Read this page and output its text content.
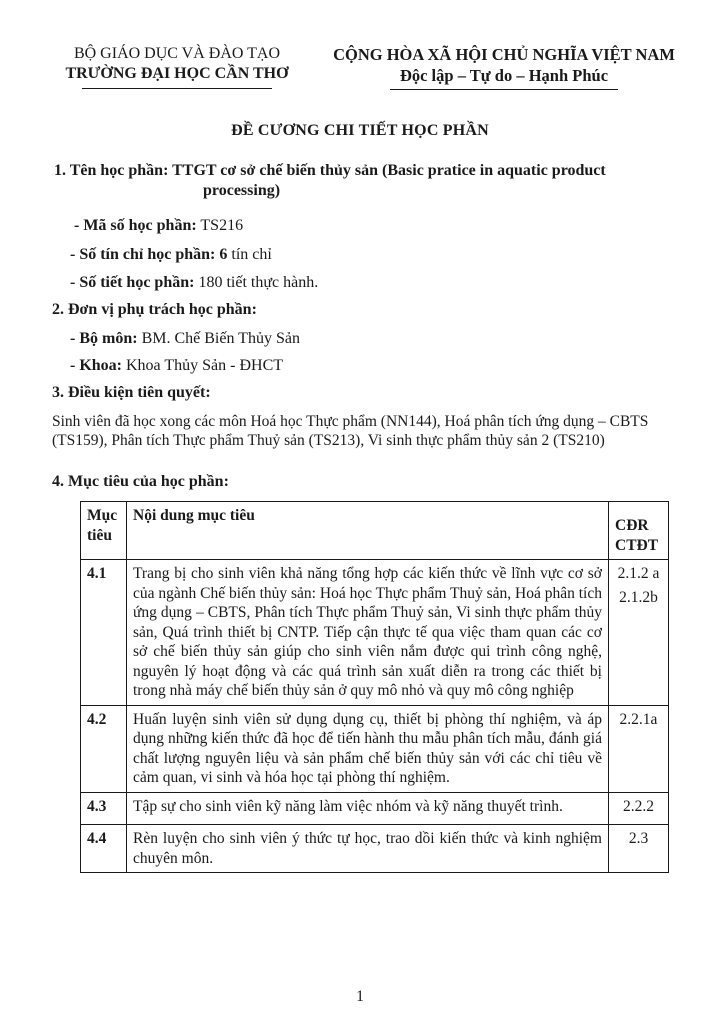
BỘ GIÁO DỤC VÀ ĐÀO TẠO
TRƯỜNG ĐẠI HỌC CẦN THƠ
CỘNG HÒA XÃ HỘI CHỦ NGHĨA VIỆT NAM
Độc lập – Tự do – Hạnh Phúc
ĐỀ CƯƠNG CHI TIẾT HỌC PHẦN
1. Tên học phần: TTGT cơ sở chế biến thủy sản (Basic pratice in aquatic product
processing)
- Mã số học phần: TS216
- Số tín chỉ học phần: 6 tín chỉ
- Số tiết học phần: 180 tiết thực hành.
2. Đơn vị phụ trách học phần:
- Bộ môn: BM. Chế Biến Thủy Sản
- Khoa: Khoa Thủy Sản - ĐHCT
3. Điều kiện tiên quyết:
Sinh viên đã học xong các môn Hoá học Thực phẩm (NN144), Hoá phân tích ứng dụng – CBTS (TS159), Phân tích Thực phẩm Thuỷ sản (TS213), Vi sinh thực phẩm thủy sản 2 (TS210)
4. Mục tiêu của học phần:
Mục tiêu	Nội dung mục tiêu	CĐR CTĐT
4.1	Trang bị cho sinh viên khả năng tổng hợp các kiến thức về lĩnh vực cơ sở của ngành Chế biến thủy sản: Hoá học Thực phẩm Thuỷ sản, Hoá phân tích ứng dụng – CBTS, Phân tích Thực phẩm Thuỷ sản, Vi sinh thực phẩm thủy sản, Quá trình thiết bị CNTP. Tiếp cận thực tế qua việc tham quan các cơ sở chế biến thủy sản giúp cho sinh viên nắm được qui trình công nghệ, nguyên lý hoạt động và các quá trình sản xuất diễn ra trong các thiết bị trong nhà máy chế biến thủy sản ở quy mô nhỏ và quy mô công nghiệp	2.1.2 a
2.1.2b

4.2	Huấn luyện sinh viên sử dụng dụng cụ, thiết bị phòng thí nghiệm, và áp dụng những kiến thức đã học để tiến hành thu mẫu phân tích mẫu, đánh giá chất lượng nguyên liệu và sản phẩm chế biến thủy sản với các chỉ tiêu về cảm quan, vi sinh và hóa học tại phòng thí nghiệm.	2.2.1a

4.3	Tập sự cho sinh viên kỹ năng làm việc nhóm và kỹ năng thuyết trình.	2.2.2

4.4	Rèn luyện cho sinh viên ý thức tự học, trao dồi kiến thức và kinh nghiệm chuyên môn.	2.3
1
